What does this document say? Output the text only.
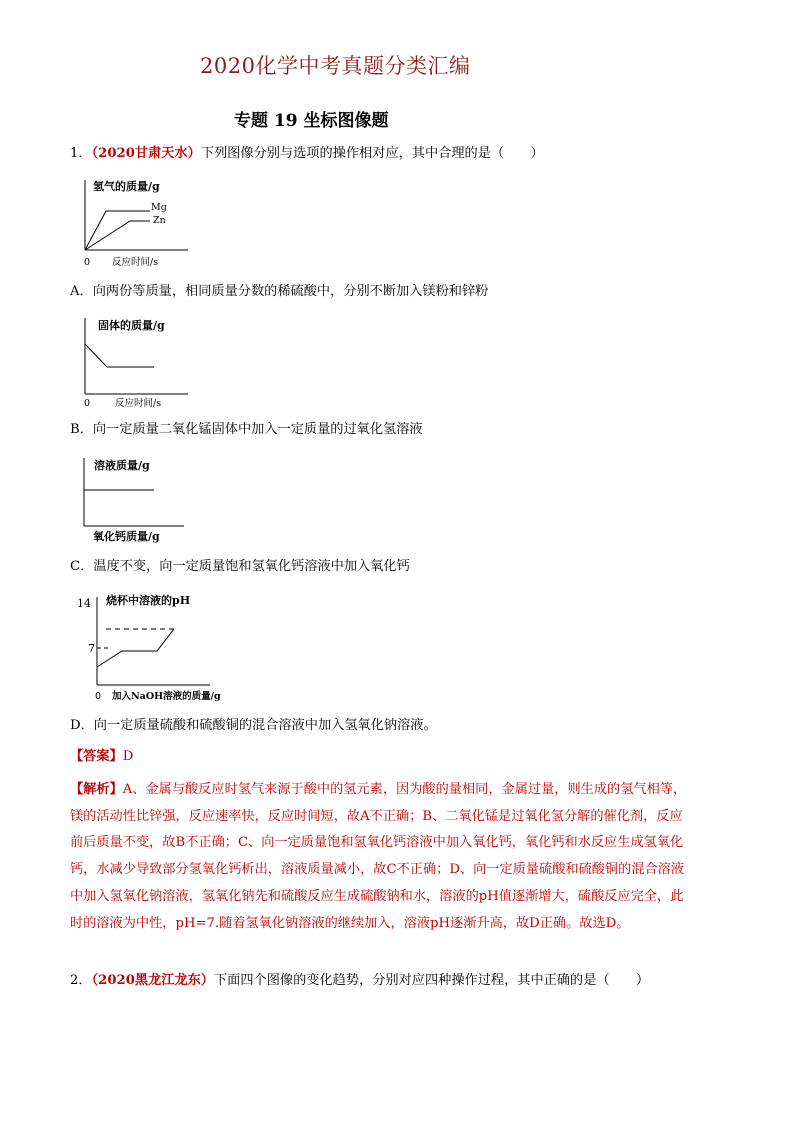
2020化学中考真题分类汇编
专题 19 坐标图像题
1．（2020甘肃天水）下列图像分别与选项的操作相对应，其中合理的是（　　）
氢气的质量/g
Mg
Zn
0 反应时间/s
A．向两份等质量，相同质量分数的稀硫酸中，分别不断加入镁粉和锌粉
固体的质量/g
0	反应时间/s
B．向一定质量二氧化锰固体中加入一定质量的过氧化氢溶液
溶液质量/g
氧化钙质量/g
C．温度不变，向一定质量饱和氢氧化钙溶液中加入氧化钙
烧杯中溶液的pH
14
7
0 加入NaOH溶液的质量/g
D．向一定质量硫酸和硫酸铜的混合溶液中加入氢氧化钠溶液。
【答案】D

【解析】A、金属与酸反应时氢气来源于酸中的氢元素，因为酸的量相同，金属过量，则生成的氢气相等，

镁的活动性比锌强，反应速率快，反应时间短，故A不正确；B、二氧化锰是过氧化氢分解的催化剂，反应

前后质量不变，故B不正确；C、向一定质量饱和氢氧化钙溶液中加入氧化钙，氧化钙和水反应生成氢氧化

钙，水减少导致部分氢氧化钙析出，溶液质量减小，故C不正确；D、向一定质量硫酸和硫酸铜的混合溶液

中加入氢氧化钠溶液，氢氧化钠先和硫酸反应生成硫酸钠和水，溶液的pH值逐渐增大，硫酸反应完全，此

时的溶液为中性，pH=7.随着氢氧化钠溶液的继续加入，溶液pH逐渐升高，故D正确。故选D。

2．（2020黑龙江龙东）下面四个图像的变化趋势，分别对应四种操作过程，其中正确的是（　　）
